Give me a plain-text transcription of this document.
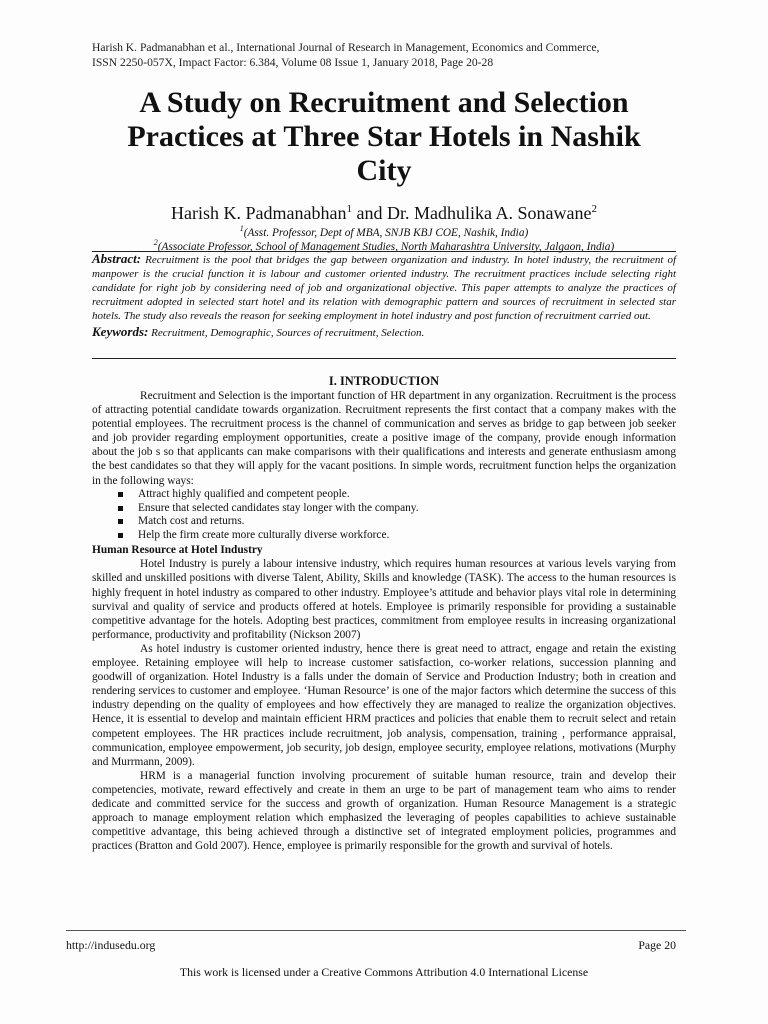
Harish K. Padmanabhan et al., International Journal of Research in Management, Economics and Commerce,
ISSN 2250-057X, Impact Factor: 6.384, Volume 08 Issue 1, January 2018, Page 20-28
A Study on Recruitment and Selection
Practices at Three Star Hotels in Nashik
City
Harish K. Padmanabhan$^1$ and Dr. Madhulika A. Sonawane$^2$
$^1$(Asst. Professor, Dept of MBA, SNJB KBJ COE, Nashik, India)
$^2$(Associate Professor, School of Management Studies, North Maharashtra University, Jalgaon, India)
Abstract: Recruitment is the pool that bridges the gap between organization and industry. In hotel industry, the recruitment of manpower is the crucial function it is labour and customer oriented industry. The recruitment practices include selecting right candidate for right job by considering need of job and organizational objective. This paper attempts to analyze the practices of recruitment adopted in selected start hotel and its relation with demographic pattern and sources of recruitment in selected star hotels. The study also reveals the reason for seeking employment in hotel industry and post function of recruitment carried out.
Keywords: Recruitment, Demographic, Sources of recruitment, Selection.
I. INTRODUCTION

Recruitment and Selection is the important function of HR department in any organization. Recruitment is the process of attracting potential candidate towards organization. Recruitment represents the first contact that a company makes with the potential employees. The recruitment process is the channel of communication and serves as bridge to gap between job seeker and job provider regarding employment opportunities, create a positive image of the company, provide enough information about the job s so that applicants can make comparisons with their qualifications and interests and generate enthusiasm among the best candidates so that they will apply for the vacant positions. In simple words, recruitment function helps the organization in the following ways:

Attract highly qualified and competent people.
Ensure that selected candidates stay longer with the company.
Match cost and returns.
Help the firm create more culturally diverse workforce.
Human Resource at Hotel Industry

Hotel Industry is purely a labour intensive industry, which requires human resources at various levels varying from skilled and unskilled positions with diverse Talent, Ability, Skills and knowledge (TASK). The access to the human resources is highly frequent in hotel industry as compared to other industry. Employee’s attitude and behavior plays vital role in determining survival and quality of service and products offered at hotels. Employee is primarily responsible for providing a sustainable competitive advantage for the hotels. Adopting best practices, commitment from employee results in increasing organizational performance, productivity and profitability (Nickson 2007)

As hotel industry is customer oriented industry, hence there is great need to attract, engage and retain the existing employee. Retaining employee will help to increase customer satisfaction, co-worker relations, succession planning and goodwill of organization. Hotel Industry is a falls under the domain of Service and Production Industry; both in creation and rendering services to customer and employee. ‘Human Resource’ is one of the major factors which determine the success of this industry depending on the quality of employees and how effectively they are managed to realize the organization objectives. Hence, it is essential to develop and maintain efficient HRM practices and policies that enable them to recruit select and retain competent employees. The HR practices include recruitment, job analysis, compensation, training , performance appraisal, communication, employee empowerment, job security, job design, employee security, employee relations, motivations (Murphy and Murrmann, 2009).

HRM is a managerial function involving procurement of suitable human resource, train and develop their competencies, motivate, reward effectively and create in them an urge to be part of management team who aims to render dedicate and committed service for the success and growth of organization. Human Resource Management is a strategic approach to manage employment relation which emphasized the leveraging of peoples capabilities to achieve sustainable competitive advantage, this being achieved through a distinctive set of integrated employment policies, programmes and practices (Bratton and Gold 2007). Hence, employee is primarily responsible for the growth and survival of hotels.

http://indusedu.org	Page 20
This work is licensed under a Creative Commons Attribution 4.0 International License
